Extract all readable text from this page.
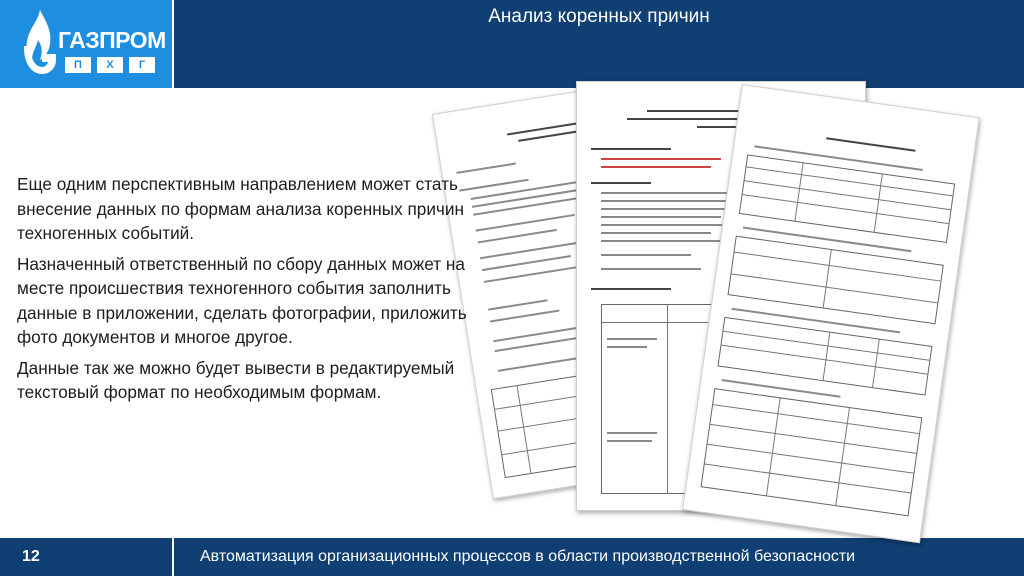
ГАЗПРОМ
П	Х	Г
Анализ коренных причин

Еще одним перспективным направлением может стать внесение данных по формам анализа коренных причин техногенных событий.

Назначенный ответственный по сбору данных может на месте происшествия техногенного события заполнить данные в приложении, сделать фотографии, приложить фото документов и многое другое.

Данные так же можно будет вывести в редактируемый текстовый формат по необходимым формам.

12	Автоматизация организационных процессов в области производственной безопасности
